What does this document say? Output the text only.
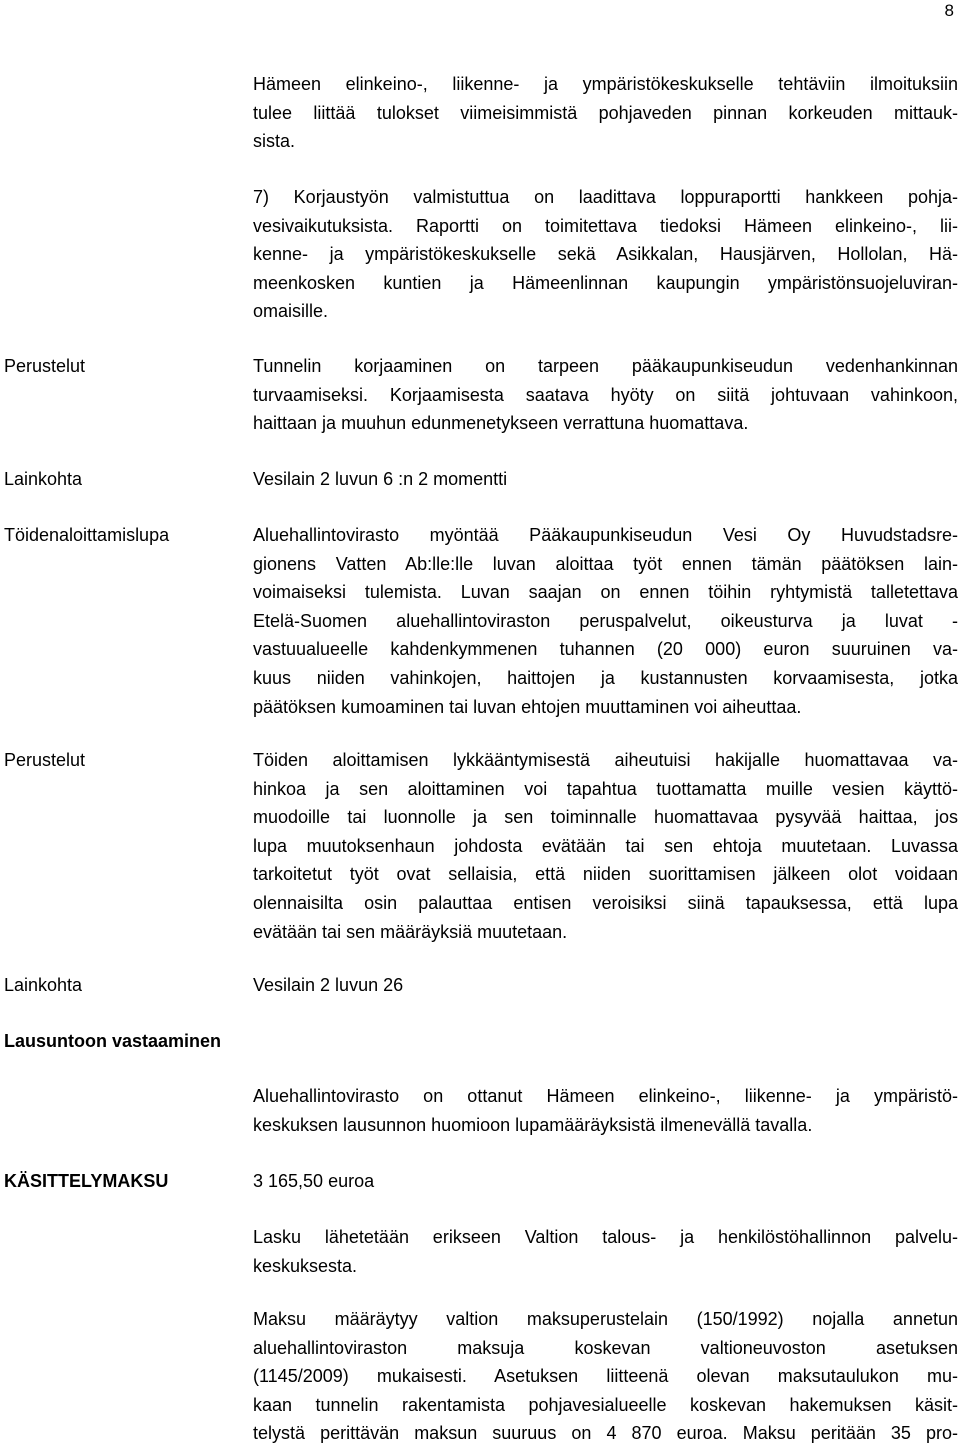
8
Hämeen elinkeino-, liikenne- ja ympäristökeskukselle tehtäviin ilmoituksiin
tulee liittää tulokset viimeisimmistä pohjaveden pinnan korkeuden mittauk-
sista.
7) Korjaustyön valmistuttua on laadittava loppuraportti hankkeen pohja-
vesivaikutuksista. Raportti on toimitettava tiedoksi Hämeen elinkeino-, lii-
kenne- ja ympäristökeskukselle sekä Asikkalan, Hausjärven, Hollolan, Hä-
meenkosken kuntien ja Hämeenlinnan kaupungin ympäristönsuojeluviran-
omaisille.
Perustelut	Tunnelin korjaaminen on tarpeen pääkaupunkiseudun vedenhankinnan
turvaamiseksi. Korjaamisesta saatava hyöty on siitä johtuvaan vahinkoon,
haittaan ja muuhun edunmenetykseen verrattuna huomattava.
Lainkohta	Vesilain 2 luvun 6 :n 2 momentti
Töidenaloittamislupa	Aluehallintovirasto myöntää Pääkaupunkiseudun Vesi Oy Huvudstadsre-
gionens Vatten Ab:lle:lle luvan aloittaa työt ennen tämän päätöksen lain-
voimaiseksi tulemista. Luvan saajan on ennen töihin ryhtymistä talletettava
Etelä-Suomen aluehallintoviraston peruspalvelut, oikeusturva ja luvat -
vastuualueelle kahdenkymmenen tuhannen (20 000) euron suuruinen va-
kuus niiden vahinkojen, haittojen ja kustannusten korvaamisesta, jotka
päätöksen kumoaminen tai luvan ehtojen muuttaminen voi aiheuttaa.
Perustelut	Töiden aloittamisen lykkääntymisestä aiheutuisi hakijalle huomattavaa va-
hinkoa ja sen aloittaminen voi tapahtua tuottamatta muille vesien käyttö-
muodoille tai luonnolle ja sen toiminnalle huomattavaa pysyvää haittaa, jos
lupa muutoksenhaun johdosta evätään tai sen ehtoja muutetaan. Luvassa
tarkoitetut työt ovat sellaisia, että niiden suorittamisen jälkeen olot voidaan
olennaisilta osin palauttaa entisen veroisiksi siinä tapauksessa, että lupa
evätään tai sen määräyksiä muutetaan.
Lainkohta	Vesilain 2 luvun 26
Lausuntoon vastaaminen
Aluehallintovirasto on ottanut Hämeen elinkeino-, liikenne- ja ympäristö-
keskuksen lausunnon huomioon lupamääräyksistä ilmenevällä tavalla.
KÄSITTELYMAKSU	3 165,50 euroa
Lasku lähetetään erikseen Valtion talous- ja henkilöstöhallinnon palvelu-
keskuksesta.
Maksu määräytyy valtion maksuperustelain (150/1992) nojalla annetun
aluehallintoviraston maksuja koskevan valtioneuvoston asetuksen
(1145/2009) mukaisesti. Asetuksen liitteenä olevan maksutaulukon mu-
kaan tunnelin rakentamista pohjavesialueelle koskevan hakemuksen käsit-
telystä perittävän maksun suuruus on 4 870 euroa. Maksu peritään 35 pro-
